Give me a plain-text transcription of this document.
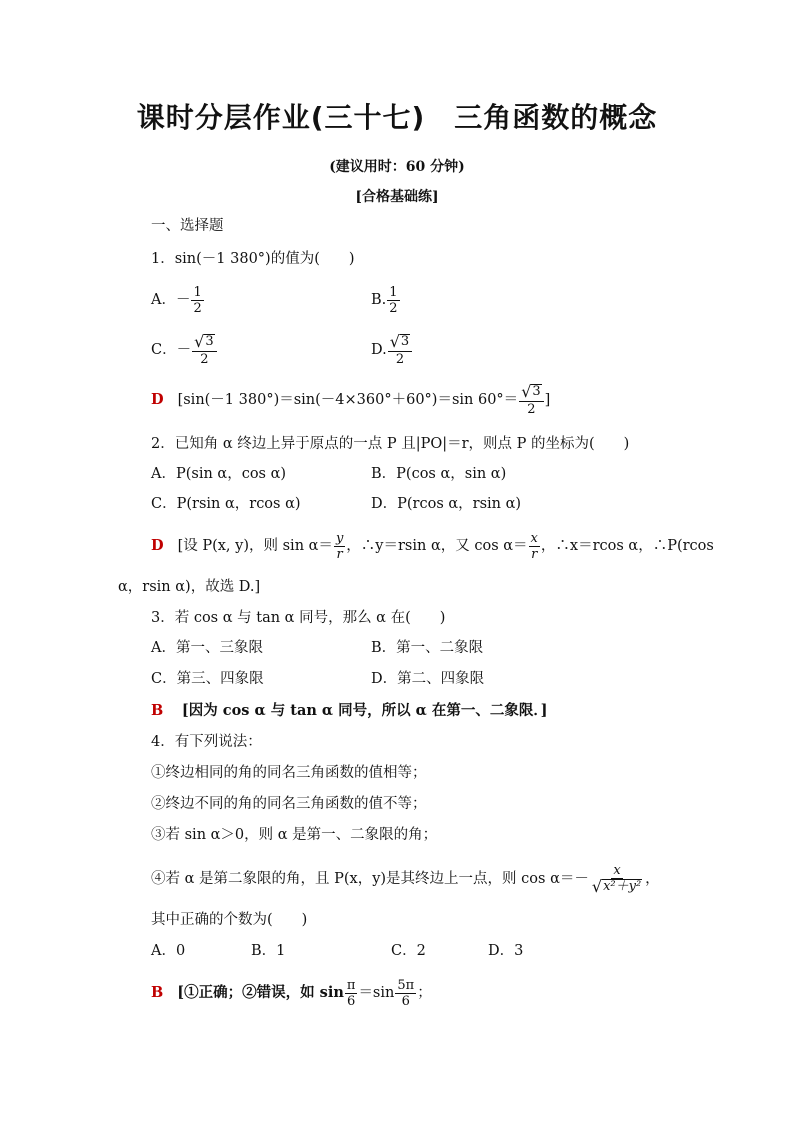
课时分层作业(三十七)　三角函数的概念
(建议用时：60 分钟)
[合格基础练]
一、选择题
1．sin(－1 380°)的值为(　　)
A．－ $\frac{1}{2}$	B. $\frac{1}{2}$
C．－ $\frac{√ 3}{2}$	D. $\frac{√ 3}{2}$
D [sin(－1 380°)＝sin(－4×360°＋60°)＝sin $60^\circ= \frac{√ 3}{2}$ ]
2．已知角 α 终边上异于原点的一点 P 且|PO|＝r，则点 P 的坐标为(　　)
A．P(sin α，cos α)	B．P(cos α，sin α)
C．P(rsin α，rcos α)	D．P(rcos α，rsin α)
D [设 P(x, y)，则 $\sin \alpha= \frac{y}{r}$ ，∴y＝rsin α，又 $\cos \alpha= \frac{x}{r}$ ，∴x＝rcos α，∴P(rcos
α，rsin α)，故选 D.]
3．若 cos α 与 tan α 同号，那么 α 在(　　)
A．第一、三象限	B．第一、二象限
C．第三、四象限	D．第二、四象限
B [因为 cos α 与 tan α 同号，所以 α 在第一、二象限．]
4．有下列说法：
①终边相同的角的同名三角函数的值相等；
②终边不同的角的同名三角函数的值不等；
③若 sin α＞0，则 α 是第一、二象限的角；
④若 α 是第二象限的角，且 P(x，y)是其终边上一点，则 $\cos \alpha=- \frac{x}{\text{√ x²＋y²}}$ ，
其中正确的个数为(　　)
A．0	B．1	C．2	D．3
B [①正确；②错误，如 $\sin \frac{\pi}{6} =\sin \frac{5\pi}{6}$ ；
